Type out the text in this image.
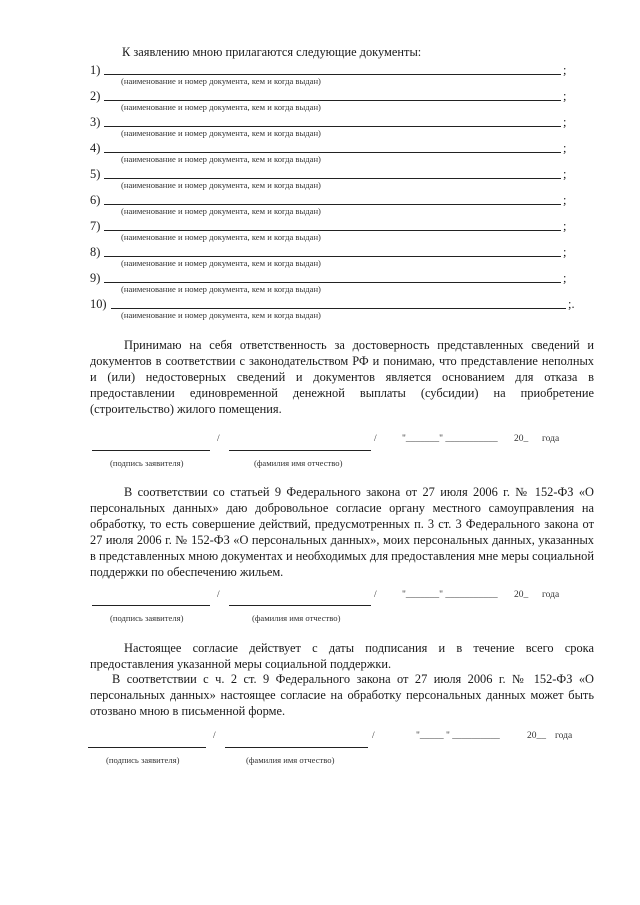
К заявлению мною прилагаются следующие документы:
1)	;
(наименование и номер документа, кем и когда выдан)
2)	;
(наименование и номер документа, кем и когда выдан)
3)	;
(наименование и номер документа, кем и когда выдан)
4)	;
(наименование и номер документа, кем и когда выдан)
5)	;
(наименование и номер документа, кем и когда выдан)
6)	;
(наименование и номер документа, кем и когда выдан)
7)	;
(наименование и номер документа, кем и когда выдан)
8)	;
(наименование и номер документа, кем и когда выдан)
9)	;
(наименование и номер документа, кем и когда выдан)
10)	;.
(наименование и номер документа, кем и когда выдан)
Принимаю на себя ответственность за достоверность представленных сведений и документов в соответствии с законодательством РФ и понимаю, что представление неполных и (или) недостоверных сведений и документов является основанием для отказа в предоставлении единовременной денежной выплаты (субсидии) на приобретение (строительство) жилого помещения.
/	/	"_______" ___________ 20_ года
(подпись заявителя)	(фамилия имя отчество)
В соответствии со статьей 9 Федерального закона от 27 июля 2006 г. № 152-ФЗ «О персональных данных» даю добровольное согласие органу местного самоуправления на обработку, то есть совершение действий, предусмотренных п. 3 ст. 3 Федерального закона от 27 июля 2006 г. № 152-ФЗ «О персональных данных», моих персональных данных, указанных в представленных мною документах и необходимых для предоставления мне меры социальной поддержки по обеспечению жильем.
/	/	"_______" ___________ 20_ года
(подпись заявителя)	(фамилия имя отчество)
Настоящее согласие действует с даты подписания и в течение всего срока предоставления указанной меры социальной поддержки.
В соответствии с ч. 2 ст. 9 Федерального закона от 27 июля 2006 г. № 152-ФЗ «О персональных данных» настоящее согласие на обработку персональных данных может быть отозвано мною в письменной форме.
/	/	"_____ " __________	20__ года
(подпись заявителя)	(фамилия имя отчество)
